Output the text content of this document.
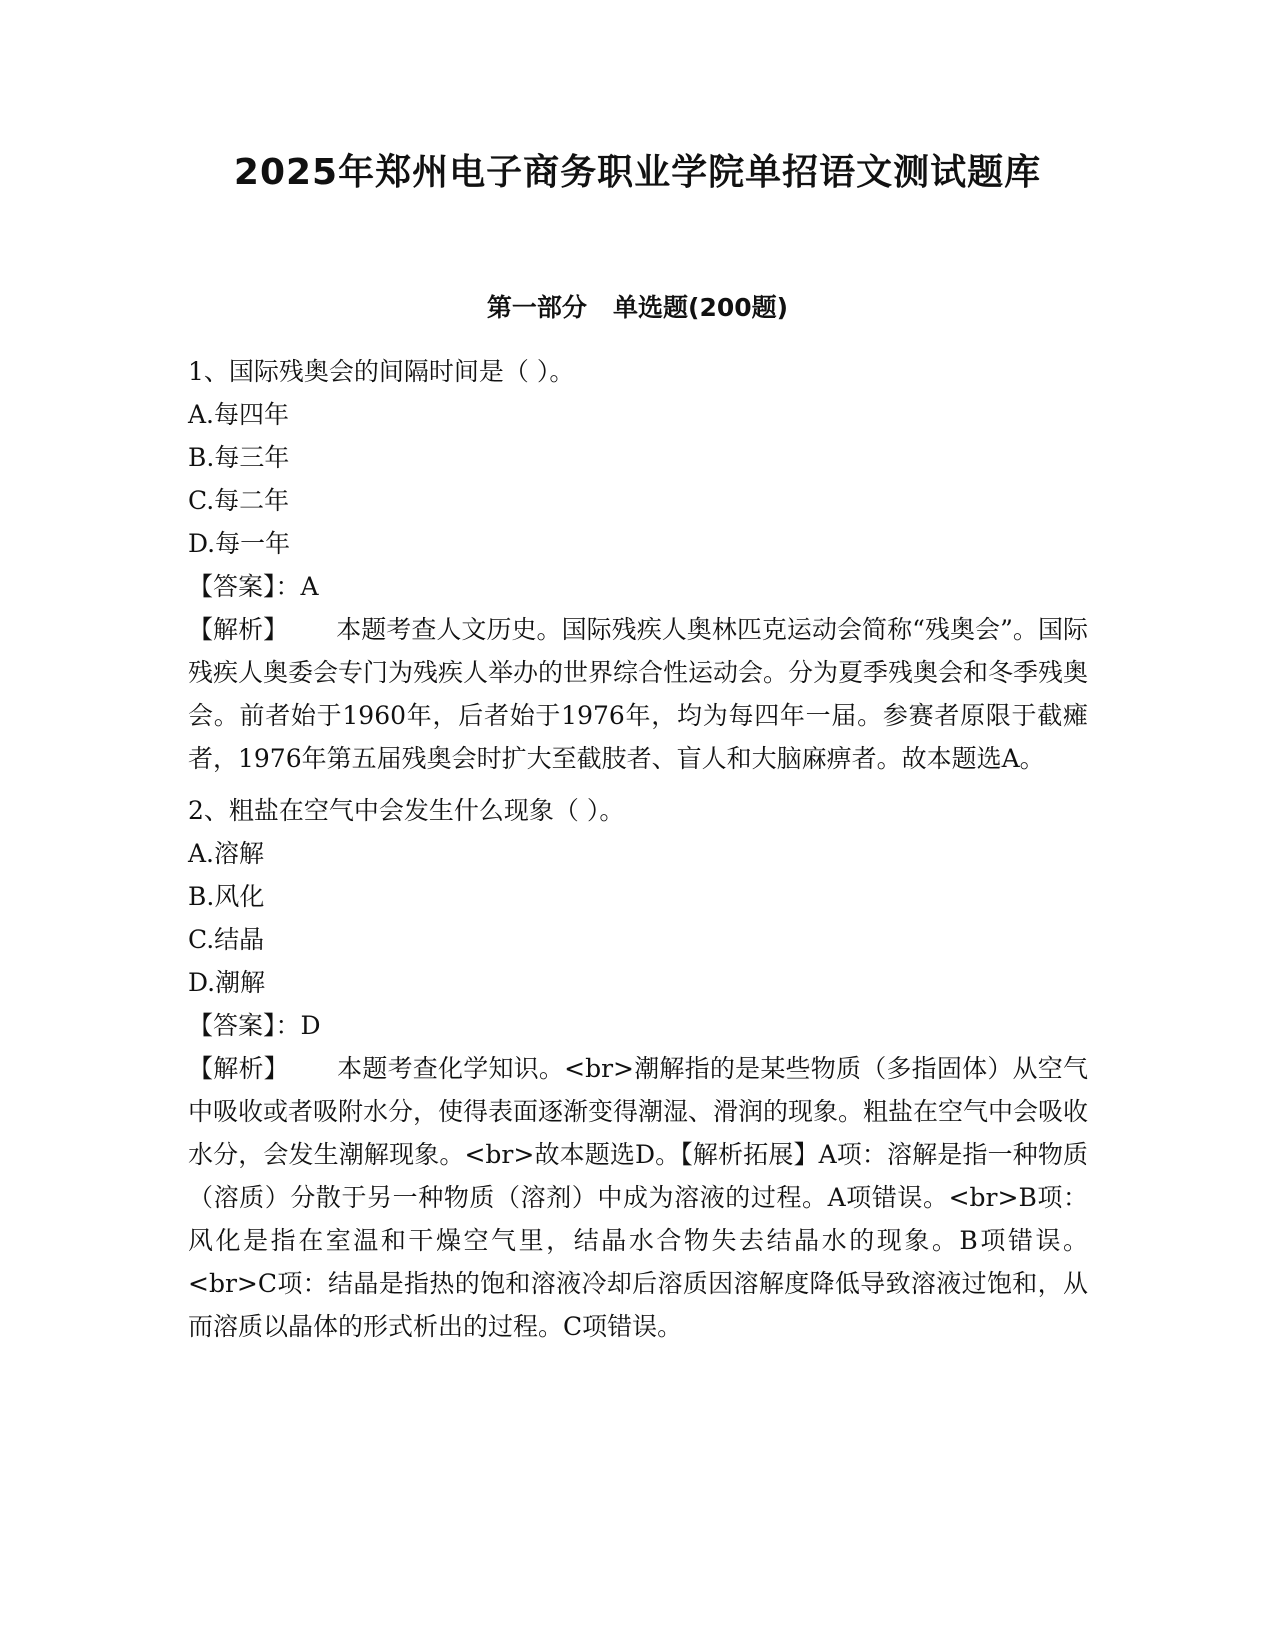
2025年郑州电子商务职业学院单招语文测试题库
第一部分   单选题(200题)

1、国际残奥会的间隔时间是（ ）。

A.每四年

B.每三年

C.每二年

D.每一年

【答案】：A

【解析】 本题考查人文历史。国际残疾人奥林匹克运动会简称“残奥会”。国际残疾人奥委会专门为残疾人举办的世界综合性运动会。分为夏季残奥会和冬季残奥会。前者始于1960年，后者始于1976年，均为每四年一届。参赛者原限于截瘫者，1976年第五届残奥会时扩大至截肢者、盲人和大脑麻痹者。故本题选A。

2、粗盐在空气中会发生什么现象（ ）。

A.溶解

B.风化

C.结晶

D.潮解

【答案】：D

【解析】 本题考查化学知识。<br>潮解指的是某些物质（多指固体）从空气中吸收或者吸附水分，使得表面逐渐变得潮湿、滑润的现象。粗盐在空气中会吸收水分，会发生潮解现象。<br>故本题选D。【解析拓展】A项：溶解是指一种物质（溶质）分散于另一种物质（溶剂）中成为溶液的过程。A项错误。<br>B项：风化是指在室温和干燥空气里，结晶水合物失去结晶水的现象。B项错误。<br>C项：结晶是指热的饱和溶液冷却后溶质因溶解度降低导致溶液过饱和，从而溶质以晶体的形式析出的过程。C项错误。
